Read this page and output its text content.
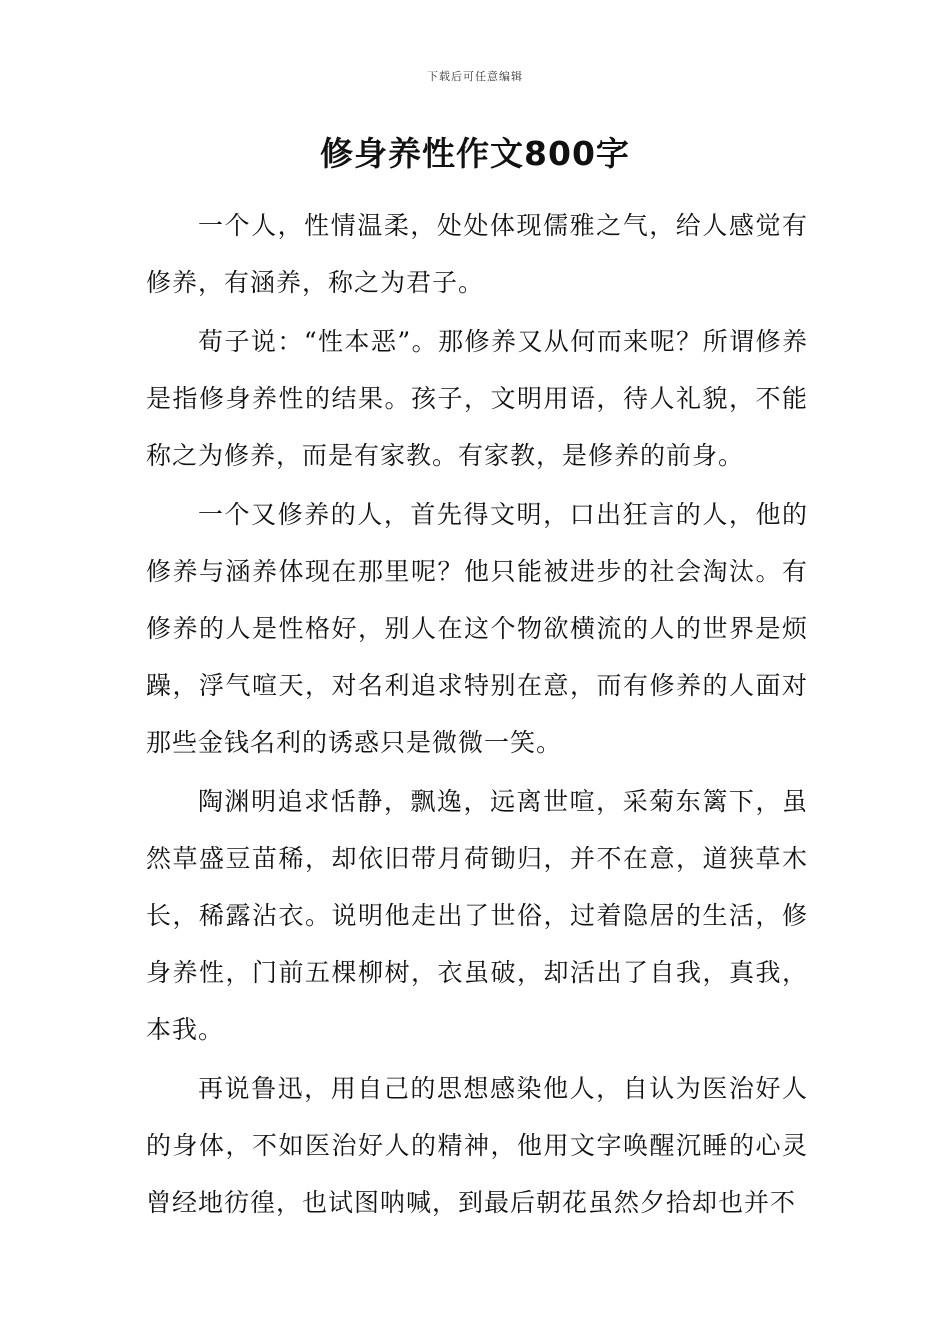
下载后可任意编辑
修身养性作文800字

一个人，性情温柔，处处体现儒雅之气，给人感觉有修养，有涵养，称之为君子。

荀子说：“性本恶”。那修养又从何而来呢？所谓修养是指修身养性的结果。孩子，文明用语，待人礼貌，不能称之为修养，而是有家教。有家教，是修养的前身。

一个又修养的人，首先得文明，口出狂言的人，他的修养与涵养体现在那里呢？他只能被进步的社会淘汰。有修养的人是性格好，别人在这个物欲横流的人的世界是烦躁，浮气喧天，对名利追求特别在意，而有修养的人面对那些金钱名利的诱惑只是微微一笑。

陶渊明追求恬静，飘逸，远离世喧，采菊东篱下，虽然草盛豆苗稀，却依旧带月荷锄归，并不在意，道狭草木长，稀露沾衣。说明他走出了世俗，过着隐居的生活，修身养性，门前五棵柳树，衣虽破，却活出了自我，真我，本我。

再说鲁迅，用自己的思想感染他人，自认为医治好人的身体，不如医治好人的精神，他用文字唤醒沉睡的心灵曾经地彷徨，也试图呐喊，到最后朝花虽然夕拾却也并不
